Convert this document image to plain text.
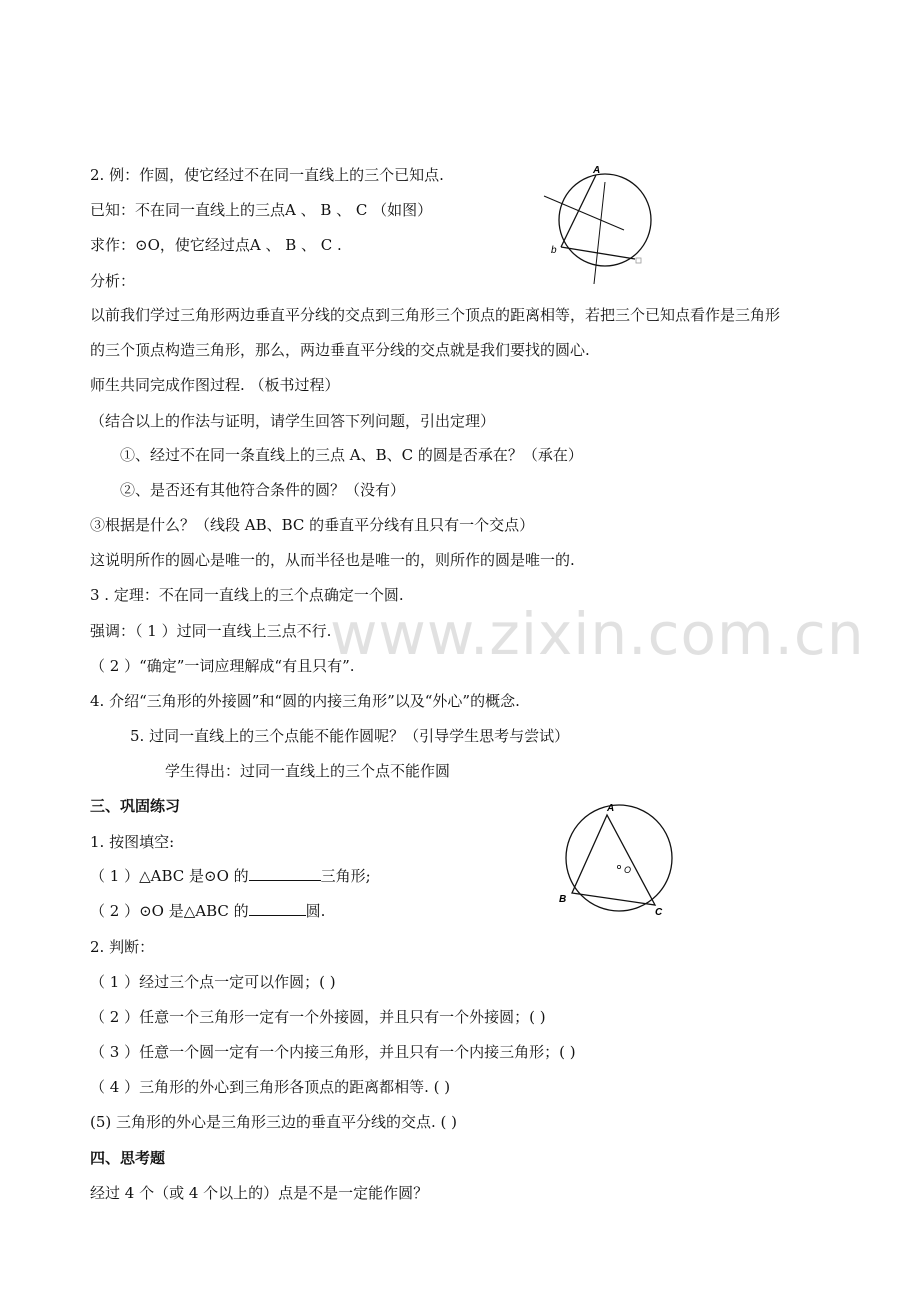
www.zixin.com.cn
2. 例：作圆，使它经过不在同一直线上的三个已知点.
已知：不在同一直线上的三点A 、 B 、 C （如图）
求作：⊙O，使它经过点A 、 B 、 C .
分析：
以前我们学过三角形两边垂直平分线的交点到三角形三个顶点的距离相等，若把三个已知点看作是三角形
的三个顶点构造三角形，那么，两边垂直平分线的交点就是我们要找的圆心.
师生共同完成作图过程. （板书过程）
（结合以上的作法与证明，请学生回答下列问题，引出定理）
①、经过不在同一条直线上的三点 A、B、C 的圆是否承在？（承在）
②、是否还有其他符合条件的圆？（没有）
③根据是什么？（线段 AB、BC 的垂直平分线有且只有一个交点）
这说明所作的圆心是唯一的，从而半径也是唯一的，则所作的圆是唯一的.
3 . 定理：不在同一直线上的三个点确定一个圆.
强调：（ 1 ）过同一直线上三点不行.
（ 2 ）“确定”一词应理解成“有且只有”.
4. 介绍“三角形的外接圆”和“圆的内接三角形”以及“外心”的概念.
5. 过同一直线上的三个点能不能作圆呢？（引导学生思考与尝试）
学生得出：过同一直线上的三个点不能作圆
三、巩固练习
1. 按图填空:
（ 1 ）△ABC 是⊙O 的	三角形;
（ 2 ）⊙O 是△ABC 的	圆.
2. 判断：
（ 1 ）经过三个点一定可以作圆；( )
（ 2 ）任意一个三角形一定有一个外接圆，并且只有一个外接圆；( )
（ 3 ）任意一个圆一定有一个内接三角形，并且只有一个内接三角形；( )
（ 4 ）三角形的外心到三角形各顶点的距离都相等. ( )
(5) 三角形的外心是三角形三边的垂直平分线的交点. ( )
四、思考题
经过 4 个（或 4 个以上的）点是不是一定能作圆？
A
b
O
A
B
C
